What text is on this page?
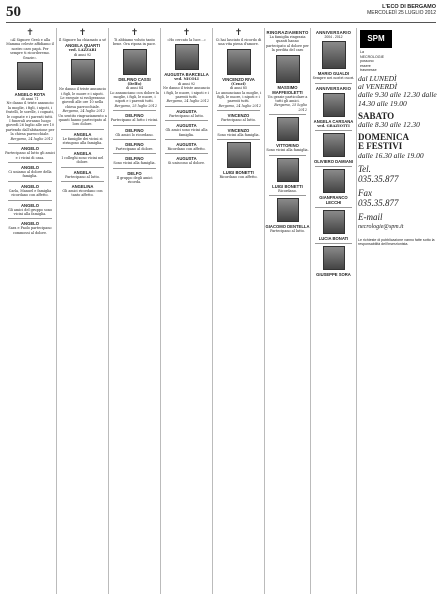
50	L'ECO DI BERGAMO
MERCOLEDÌ 25 LUGLIO 2012
✝

«Al Signore Gesù e alla Mamma celeste affidiamo il nostro caro papà. Per sempre ti ricorderemo. Grazie».

ANGELO ROTA

di anni 71

Ne danno il triste annuncio la moglie, i figli, i nipoti, i fratelli, le sorelle, i cognati, le cognate e i parenti tutti.

I funerali avranno luogo giovedì 26 luglio alle ore 10 partendo dall'abitazione per la chiesa parrocchiale.

Bergamo, 24 luglio 2012
ANGELO

Partecipano al lutto gli amici e i vicini di casa.

ANGELO

Ci uniamo al dolore della famiglia.

ANGELO

Carla, Manuel e famiglia ricordano con affetto.

ANGELO

Gli amici del gruppo sono vicini alla famiglia.

ANGELO

Sara e Paolo partecipano commossi al dolore.

✝

Il Signore ha chiamato a sé

ANGELA QUARTI
ved. LAZZARI

di anni 92

Ne danno il triste annuncio i figli, le nuore e i nipoti.

Le esequie si svolgeranno giovedì alle ore 10 nella chiesa parrocchiale.

Bergamo, 24 luglio 2012

Un sentito ringraziamento a quanti hanno partecipato al loro dolore.

ANGELA

Le famiglie dei vicini si stringono alla famiglia.

ANGELA

I colleghi sono vicini nel dolore.

ANGELA

Partecipano al lutto.

ANGELINA

Gli amici ricordano con tanto affetto.

✝

Ti abbiamo voluto tanto bene. Ora riposa in pace.

DELFINO CASSI
(Delfo)

di anni 84

Lo annunciano con dolore la moglie, i figli, le nuore, i nipoti e i parenti tutti.

Bergamo, 25 luglio 2012
DELFINO

Partecipano al lutto i vicini.

DELFINO

Gli amici lo ricordano.

DELFINO

Partecipano al dolore.

DELFINO

Sono vicini alla famiglia.

DELFO

Il gruppo degli amici ricorda.

✝

«Ho cercato la luce...»

AUGUSTA BARCELLA
ved. NICOLI

di anni 92

Ne danno il triste annuncio i figli, le nuore, i nipoti e i parenti tutti.

Bergamo, 24 luglio 2012
AUGUSTA

Partecipano al lutto.

AUGUSTA

Gli amici sono vicini alla famiglia.

AUGUSTA

Ricordano con affetto.

AUGUSTA

Si uniscono al dolore.

✝

Ci hai lasciato il ricordo di una vita piena d'amore.

VINCENZO RIVA
(Cenci)

di anni 85

Lo annunciano la moglie, i figli, le nuore, i nipoti e i parenti tutti.

Bergamo, 24 luglio 2012
VINCENZO

Partecipano al lutto.

VINCENZO

Sono vicini alla famiglia.

LUIGI BONETTI

Ricordano con affetto.

RINGRAZIAMENTO

La famiglia ringrazia quanti hanno partecipato al dolore per la perdita del caro

MASSIMO MAFFEIOLETTI

Un grazie particolare a tutti gli amici.

Bergamo, 25 luglio 2012
VITTORINO

Sono vicini alla famiglia.

LUIGI BONETTI

Ricordano.

GIACOMO DENTELLA

Partecipano al lutto.

ANNIVERSARIO

2004 - 2012

MARIO GUALDI

Sempre nei nostri cuori.

ANNIVERSARIO
ANGELA CARSANA
ved. GRAZIOTTI
OLIVIERO DAMIANI
GIANFRANCO LECCHI
LUCIA BONATI
GIUSEPPE SORA
SPM
La
NECROLOGIE
possono
essere
trasmesse
dal LUNEDÌ
al VENERDÌ
dalle 9.30 alle 12.30 dalle 14.30 alle 19.00
SABATO
dalle 8.30 alle 12.30
DOMENICA
E FESTIVI
dalle 16.30 alle 19.00
Tel.
035.35.877
Fax
035.35.877
E-mail
necrologie@spm.it
Le richieste di pubblicazione vanno fatte sotto la responsabilità dell'inserzionista.
